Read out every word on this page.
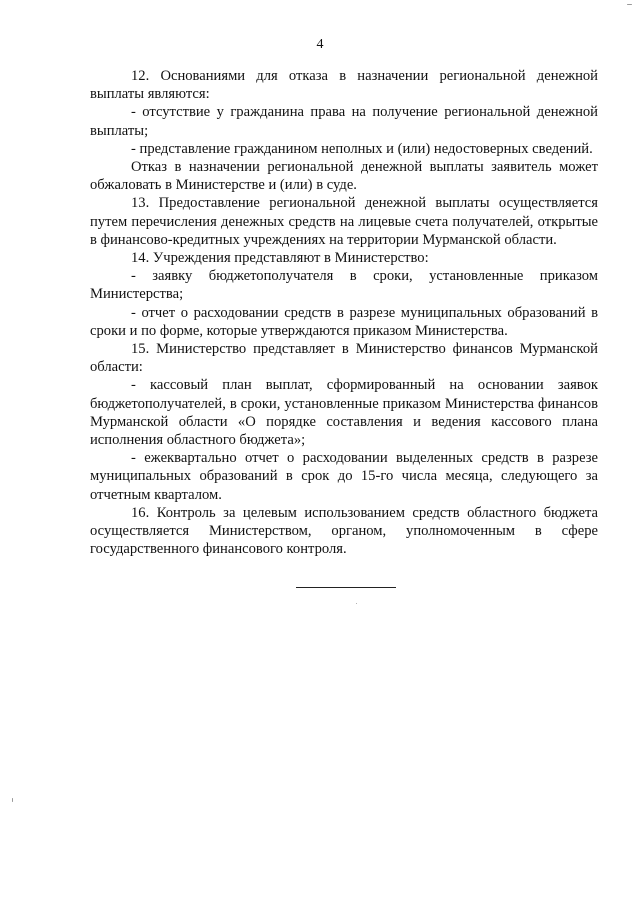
4

12. Основаниями для отказа в назначении региональной денежной выплаты являются:

- отсутствие у гражданина права на получение региональной денежной выплаты;

- представление гражданином неполных и (или) недостоверных сведений.

Отказ в назначении региональной денежной выплаты заявитель может обжаловать в Министерстве и (или) в суде.

13. Предоставление региональной денежной выплаты осуществляется путем перечисления денежных средств на лицевые счета получателей, открытые в финансово-кредитных учреждениях на территории Мурманской области.

14. Учреждения представляют в Министерство:

- заявку бюджетополучателя в сроки, установленные приказом Министерства;

- отчет о расходовании средств в разрезе муниципальных образований в сроки и по форме, которые утверждаются приказом Министерства.

15. Министерство представляет в Министерство финансов Мурманской области:

- кассовый план выплат, сформированный на основании заявок бюджетополучателей, в сроки, установленные приказом Министерства финансов Мурманской области «О порядке составления и ведения кассового плана исполнения областного бюджета»;

- ежеквартально отчет о расходовании выделенных средств в разрезе муниципальных образований в срок до 15-го числа месяца, следующего за отчетным кварталом.

16. Контроль за целевым использованием средств областного бюджета осуществляется Министерством, органом, уполномоченным в сфере государственного финансового контроля.
